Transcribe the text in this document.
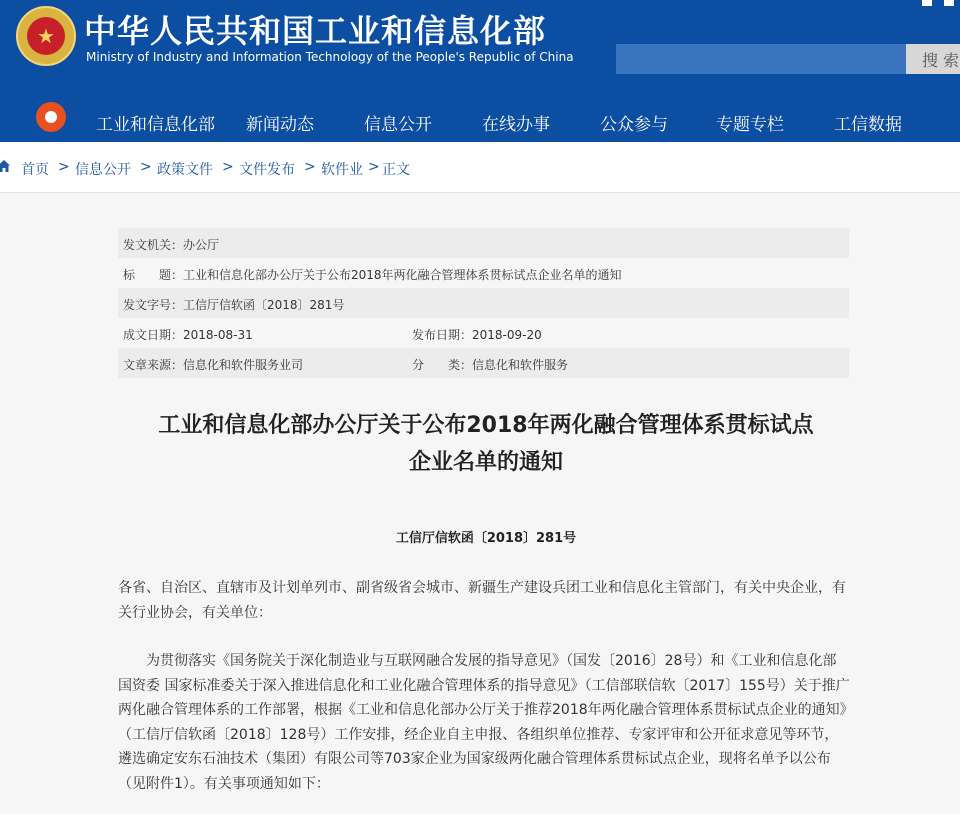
★ 中华人民共和国工业和信息化部
Ministry of Industry and Information Technology of the People's Republic of China	搜 索
工业和信息化部 新闻动态	信息公开	在线办事	公众参与	专题专栏	工信数据
首页 > 信息公开 > 政策文件 > 文件发布 > 软件业 > 正文
发文机关：办公厅
标　　题：工业和信息化部办公厅关于公布2018年两化融合管理体系贯标试点企业名单的通知
发文字号：工信厅信软函〔2018〕281号
成文日期：2018-08-31	发布日期：2018-09-20
文章来源：信息化和软件服务业司	分　　类：信息化和软件服务
工业和信息化部办公厅关于公布2018年两化融合管理体系贯标试点
企业名单的通知
工信厅信软函〔2018〕281号
各省、自治区、直辖市及计划单列市、副省级省会城市、新疆生产建设兵团工业和信息化主管部门，有关中央企业，有关行业协会，有关单位：
　　为贯彻落实《国务院关于深化制造业与互联网融合发展的指导意见》（国发〔2016〕28号）和《工业和信息化部 国资委 国家标准委关于深入推进信息化和工业化融合管理体系的指导意见》（工信部联信软〔2017〕155号）关于推广两化融合管理体系的工作部署，根据《工业和信息化部办公厅关于推荐2018年两化融合管理体系贯标试点企业的通知》（工信厅信软函〔2018〕128号）工作安排，经企业自主申报、各组织单位推荐、专家评审和公开征求意见等环节，遴选确定安东石油技术（集团）有限公司等703家企业为国家级两化融合管理体系贯标试点企业，现将名单予以公布（见附件1）。有关事项通知如下：
